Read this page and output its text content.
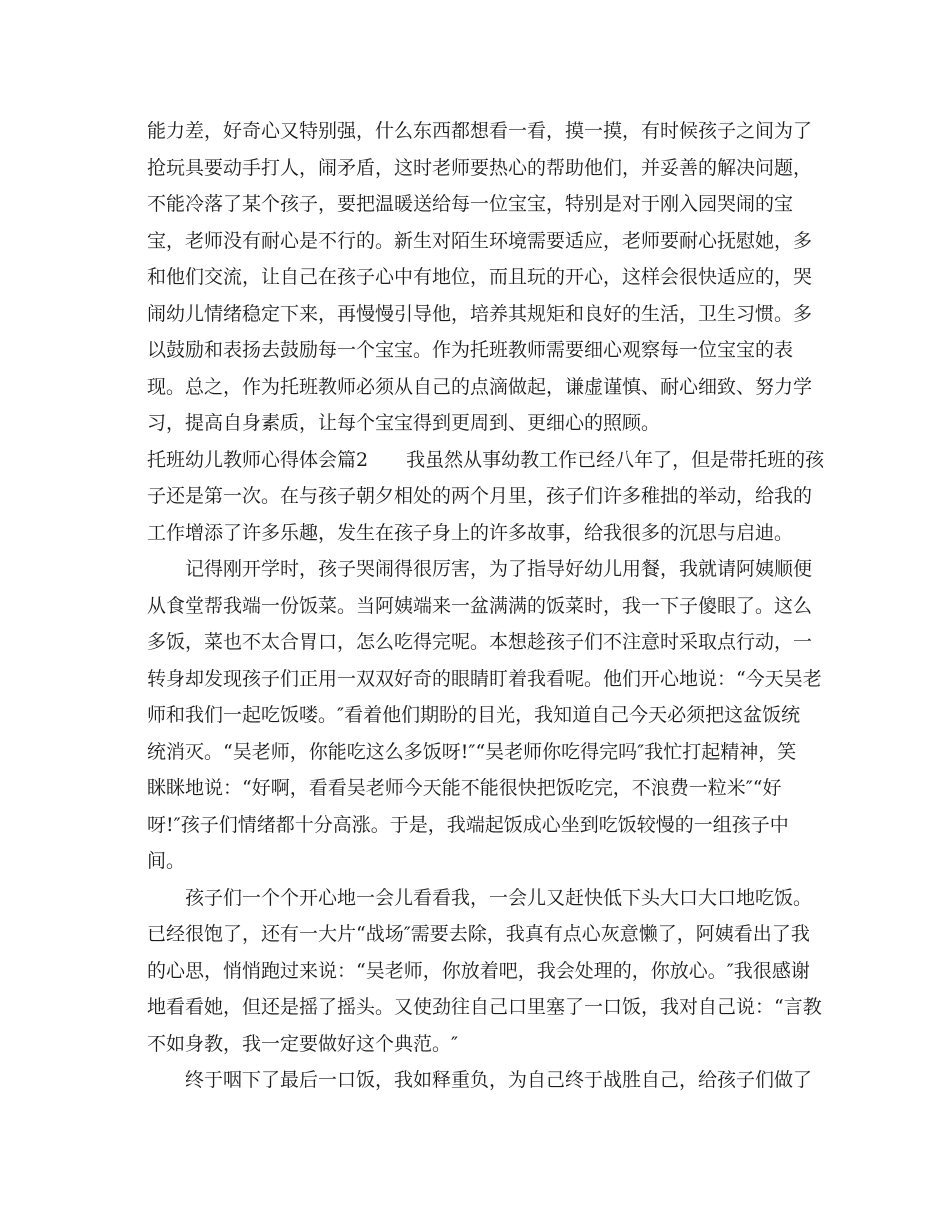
能力差，好奇心又特别强，什么东西都想看一看，摸一摸，有时候孩子之间为了
抢玩具要动手打人，闹矛盾，这时老师要热心的帮助他们，并妥善的解决问题，
不能冷落了某个孩子，要把温暖送给每一位宝宝，特别是对于刚入园哭闹的宝
宝，老师没有耐心是不行的。新生对陌生环境需要适应，老师要耐心抚慰她，多
和他们交流，让自己在孩子心中有地位，而且玩的开心，这样会很快适应的，哭
闹幼儿情绪稳定下来，再慢慢引导他，培养其规矩和良好的生活，卫生习惯。多
以鼓励和表扬去鼓励每一个宝宝。作为托班教师需要细心观察每一位宝宝的表
现。总之，作为托班教师必须从自己的点滴做起，谦虚谨慎、耐心细致、努力学
习，提高自身素质，让每个宝宝得到更周到、更细心的照顾。
托班幼儿教师心得体会篇2　　我虽然从事幼教工作已经八年了，但是带托班的孩
子还是第一次。在与孩子朝夕相处的两个月里，孩子们许多稚拙的举动，给我的
工作增添了许多乐趣，发生在孩子身上的许多故事，给我很多的沉思与启迪。
　　记得刚开学时，孩子哭闹得很厉害，为了指导好幼儿用餐，我就请阿姨顺便
从食堂帮我端一份饭菜。当阿姨端来一盆满满的饭菜时，我一下子傻眼了。这么
多饭，菜也不太合胃口，怎么吃得完呢。本想趁孩子们不注意时采取点行动，一
转身却发现孩子们正用一双双好奇的眼睛盯着我看呢。他们开心地说：“今天吴老
师和我们一起吃饭喽。″看着他们期盼的目光，我知道自己今天必须把这盆饭统
统消灭。“吴老师，你能吃这么多饭呀!″“吴老师你吃得完吗″我忙打起精神，笑
眯眯地说：“好啊，看看吴老师今天能不能很快把饭吃完，不浪费一粒米″“好
呀!″孩子们情绪都十分高涨。于是，我端起饭成心坐到吃饭较慢的一组孩子中
间。
　　孩子们一个个开心地一会儿看看我，一会儿又赶快低下头大口大口地吃饭。
已经很饱了，还有一大片“战场″需要去除，我真有点心灰意懒了，阿姨看出了我
的心思，悄悄跑过来说：“吴老师，你放着吧，我会处理的，你放心。″我很感谢
地看看她，但还是摇了摇头。又使劲往自己口里塞了一口饭，我对自己说：“言教
不如身教，我一定要做好这个典范。″
　　终于咽下了最后一口饭，我如释重负，为自己终于战胜自己，给孩子们做了
